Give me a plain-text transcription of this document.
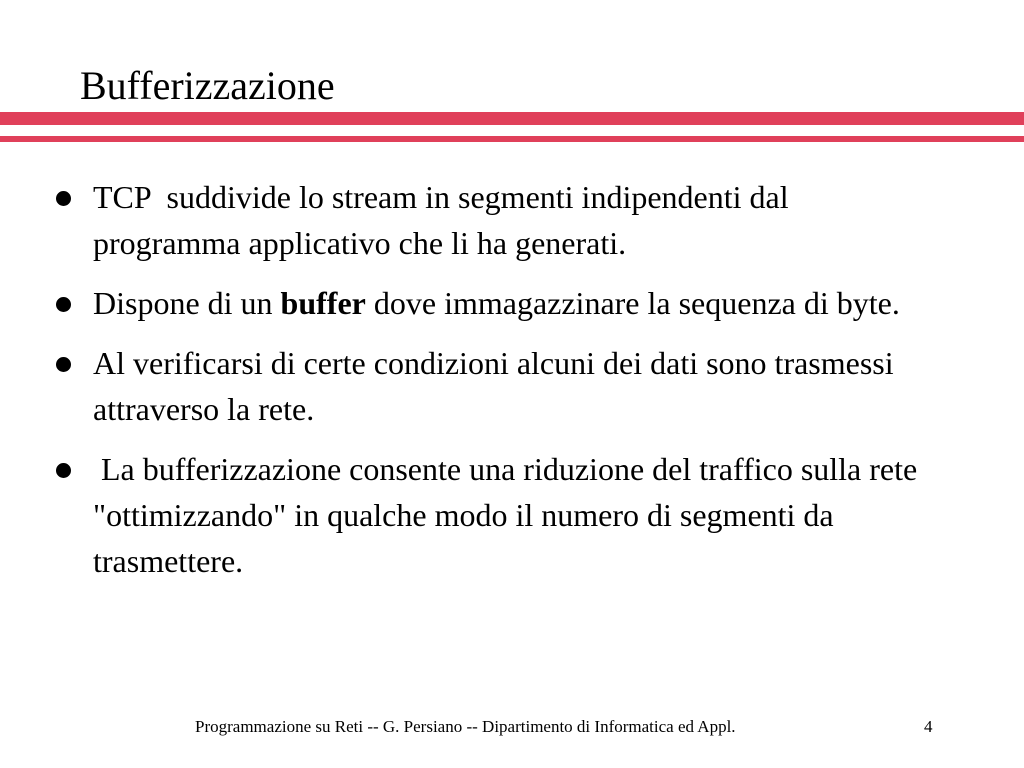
Bufferizzazione
TCP  suddivide lo stream in segmenti indipendenti dal programma applicativo che li ha generati.
Dispone di un buffer dove immagazzinare la sequenza di byte.
Al verificarsi di certe condizioni alcuni dei dati sono trasmessi attraverso la rete.
La bufferizzazione consente una riduzione del traffico sulla rete "ottimizzando" in qualche modo il numero di segmenti da trasmettere.
Programmazione su Reti -- G. Persiano -- Dipartimento di Informatica ed Appl.	4
